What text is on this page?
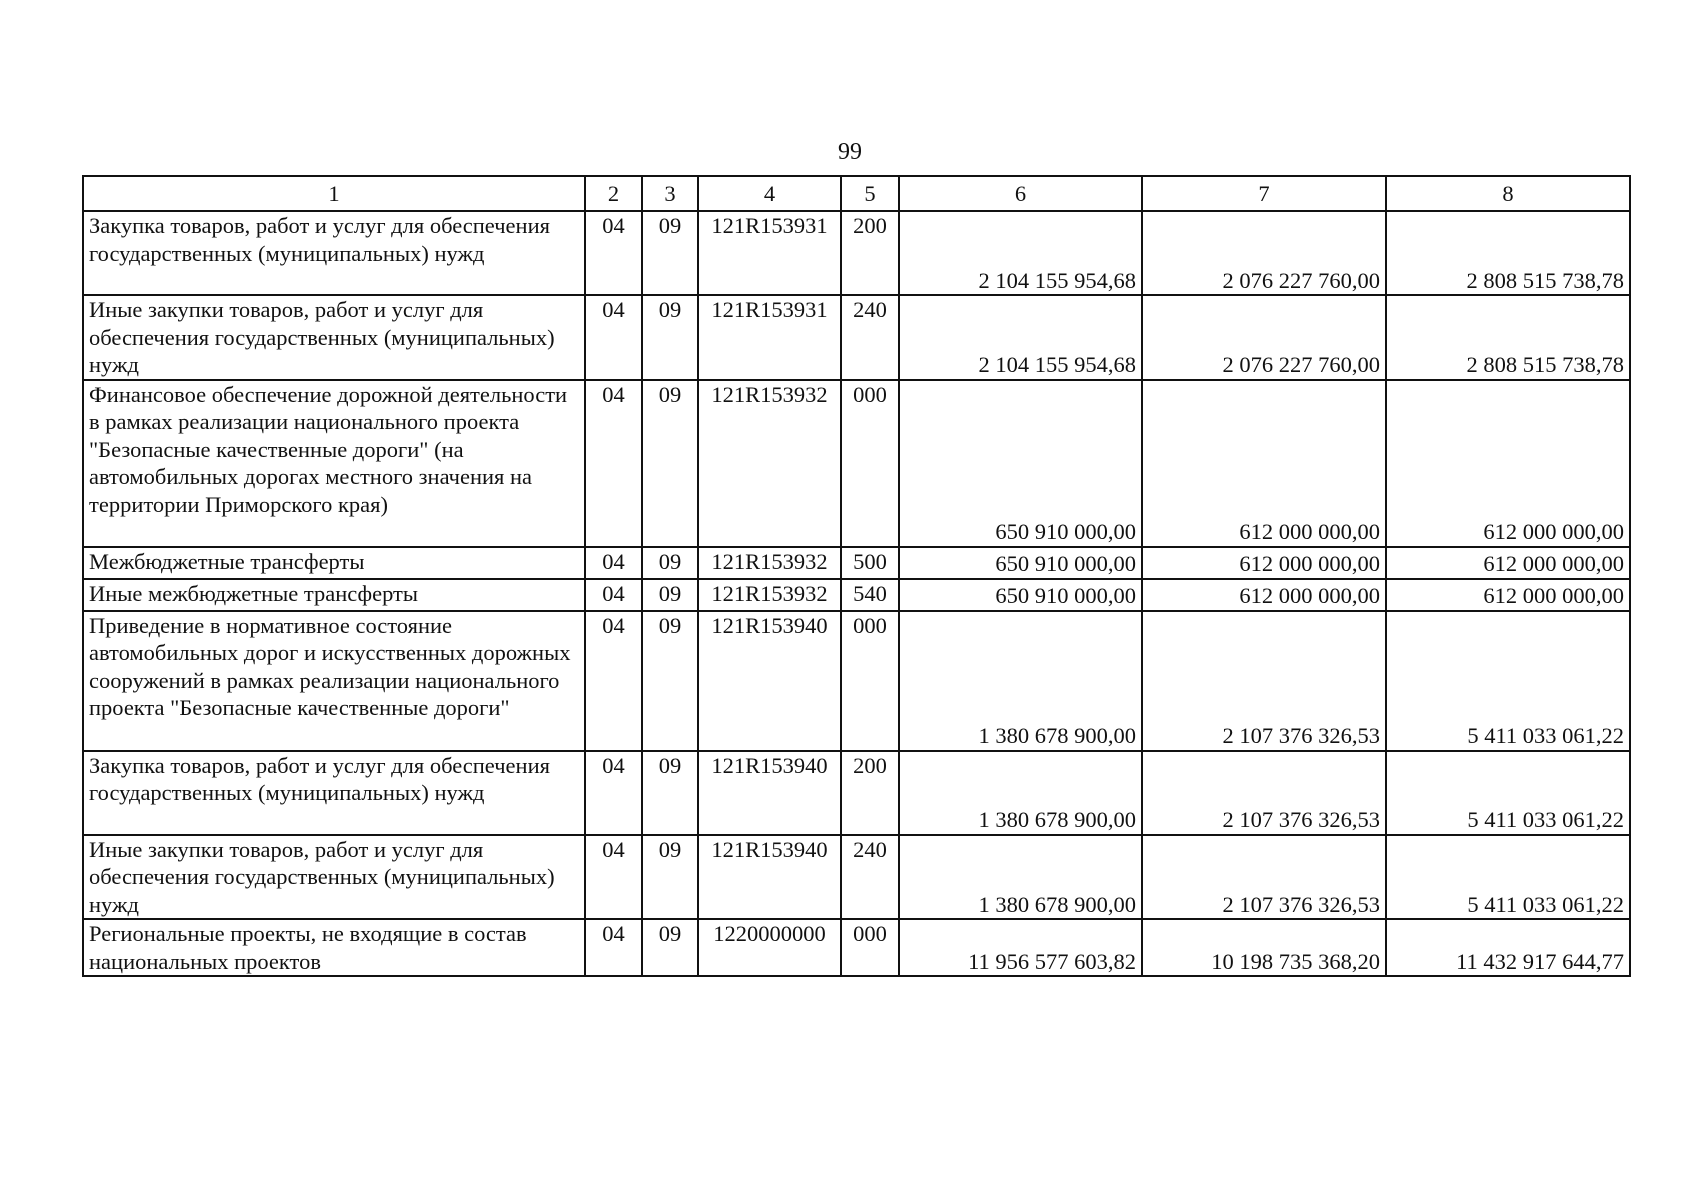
99
1	2	3	4	5	6	7	8
Закупка товаров, работ и услуг для обеспечения государственных (муниципальных) нужд	04	09	121R153931	200	2 104 155 954,68	2 076 227 760,00	2 808 515 738,78
Иные закупки товаров, работ и услуг для обеспечения государственных (муниципальных) нужд	04	09	121R153931	240	2 104 155 954,68	2 076 227 760,00	2 808 515 738,78
Финансовое обеспечение дорожной деятельности в рамках реализации национального проекта "Безопасные качественные дороги" (на автомобильных дорогах местного значения на территории Приморского края)	04	09	121R153932	000	650 910 000,00	612 000 000,00	612 000 000,00
Межбюджетные трансферты	04	09	121R153932	500	650 910 000,00	612 000 000,00	612 000 000,00
Иные межбюджетные трансферты	04	09	121R153932	540	650 910 000,00	612 000 000,00	612 000 000,00
Приведение в нормативное состояние автомобильных дорог и искусственных дорожных сооружений в рамках реализации национального проекта "Безопасные качественные дороги"	04	09	121R153940	000	1 380 678 900,00	2 107 376 326,53	5 411 033 061,22
Закупка товаров, работ и услуг для обеспечения государственных (муниципальных) нужд	04	09	121R153940	200	1 380 678 900,00	2 107 376 326,53	5 411 033 061,22
Иные закупки товаров, работ и услуг для обеспечения государственных (муниципальных) нужд	04	09	121R153940	240	1 380 678 900,00	2 107 376 326,53	5 411 033 061,22
Региональные проекты, не входящие в состав национальных проектов	04	09	1220000000	000	11 956 577 603,82	10 198 735 368,20	11 432 917 644,77
